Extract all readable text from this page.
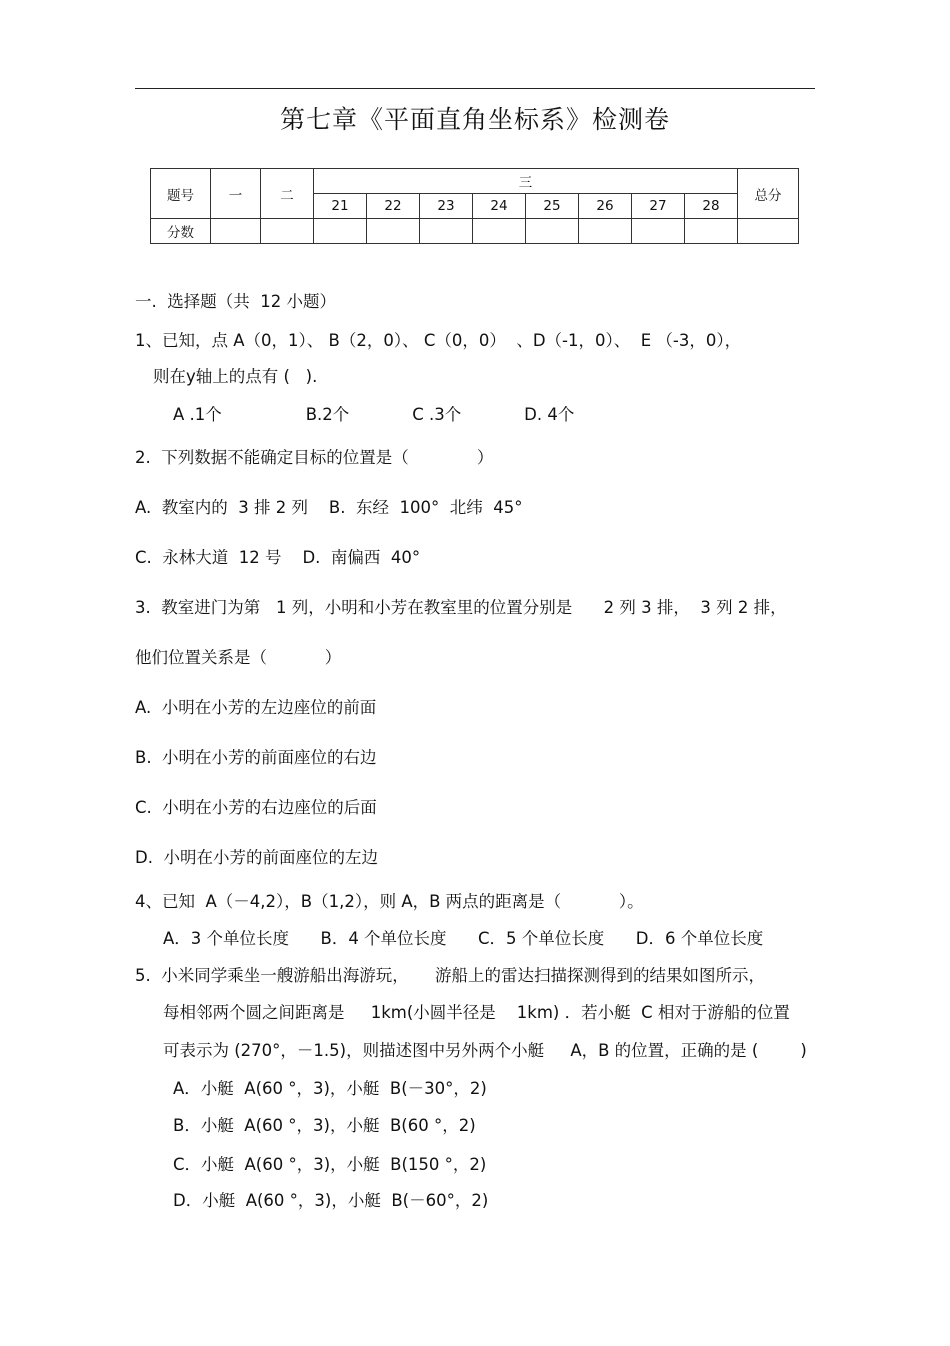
第七章《平面直角坐标系》检测卷
题号	一	二	三								总分
			21	22	23	24	25	26	27	28	
分数											
一.  选择题（共  12 小题）
1、已知，点 A（0，1）、 B（2，0）、 C（0，0）  、D（-1，0）、  E （-3，0），
则在y轴上的点有 (   ).
A .1个                B.2个            C .3个            D. 4个
2.  下列数据不能确定目标的位置是（             ）
A.  教室内的  3 排 2 列    B.  东经  100°  北纬  45°
C.  永林大道  12 号    D.  南偏西  40°
3.  教室进门为第   1 列，小明和小芳在教室里的位置分别是      2 列 3 排，  3 列 2 排，
他们位置关系是（           ）
A.  小明在小芳的左边座位的前面
B.  小明在小芳的前面座位的右边
C.  小明在小芳的右边座位的后面
D.  小明在小芳的前面座位的左边
4、已知  A（－4,2），B（1,2），则 A，B 两点的距离是（           ）。
A．3 个单位长度      B．4 个单位长度      C．5 个单位长度      D．6 个单位长度
5.  小米同学乘坐一艘游船出海游玩，     游船上的雷达扫描探测得到的结果如图所示，
每相邻两个圆之间距离是     1km(小圆半径是    1km) ．若小艇  C 相对于游船的位置
可表示为 (270°，－1.5)，则描述图中另外两个小艇     A，B 的位置，正确的是 (        )
A．小艇  A(60 °，3)，小艇  B(－30°，2)
B．小艇  A(60 °，3)，小艇  B(60 °，2)
C．小艇  A(60 °，3)，小艇  B(150 °，2)
D．小艇  A(60 °，3)，小艇  B(－60°，2)
